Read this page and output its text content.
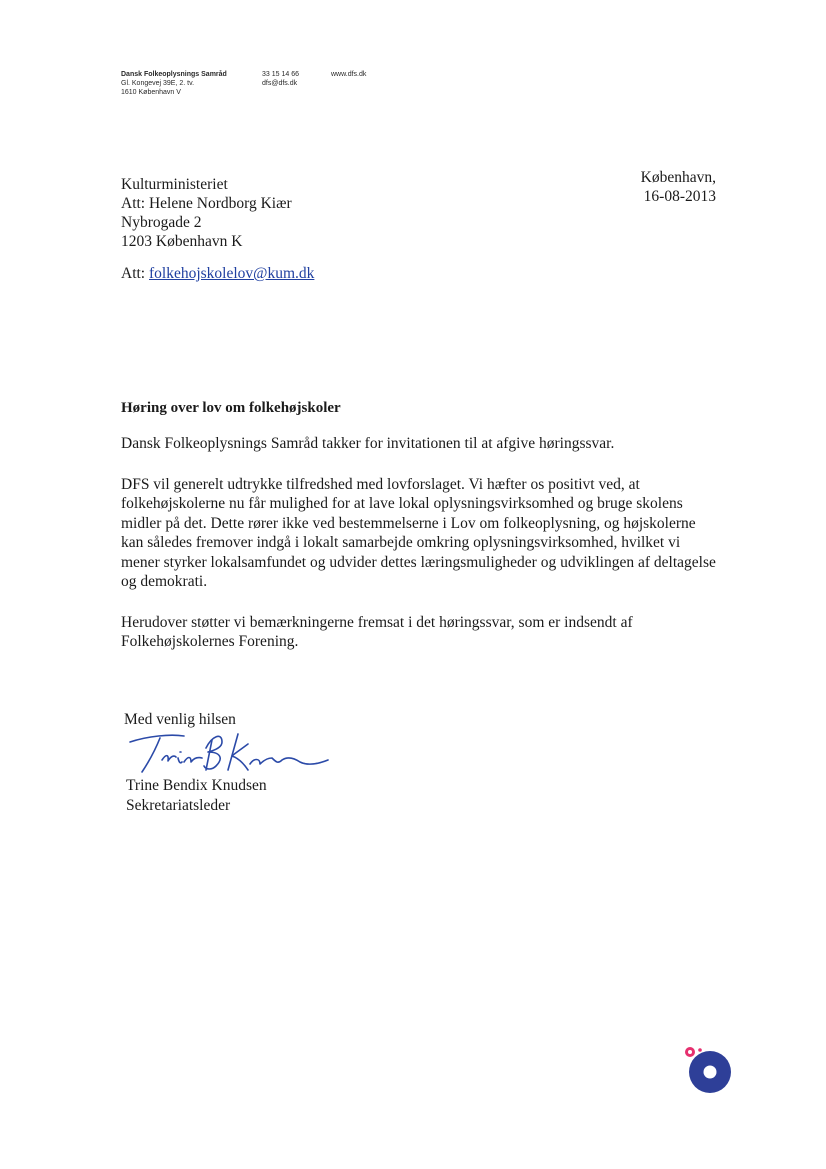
Dansk Folkeoplysnings Samråd
Gl. Kongevej 39E, 2. tv.
1610 København V
33 15 14 66
dfs@dfs.dk
www.dfs.dk
Kulturministeriet
Att: Helene Nordborg Kiær
Nybrogade 2
1203 København K
Att: folkehojskolelov@kum.dk
København,
16-08-2013
Høring over lov om folkehøjskoler

Dansk Folkeoplysnings Samråd takker for invitationen til at afgive høringssvar.

DFS vil generelt udtrykke tilfredshed med lovforslaget. Vi hæfter os positivt ved, at folkehøjskolerne nu får mulighed for at lave lokal oplysningsvirksomhed og bruge skolens midler på det. Dette rører ikke ved bestemmelserne i Lov om folkeoplysning, og højskolerne kan således fremover indgå i lokalt samarbejde omkring oplysningsvirksomhed, hvilket vi mener styrker lokalsamfundet og udvider dettes læringsmuligheder og udviklingen af deltagelse og demokrati.

Herudover støtter vi bemærkningerne fremsat i det høringssvar, som er indsendt af Folkehøjskolernes Forening.

Med venlig hilsen
Trine Bendix Knudsen
Sekretariatsleder
